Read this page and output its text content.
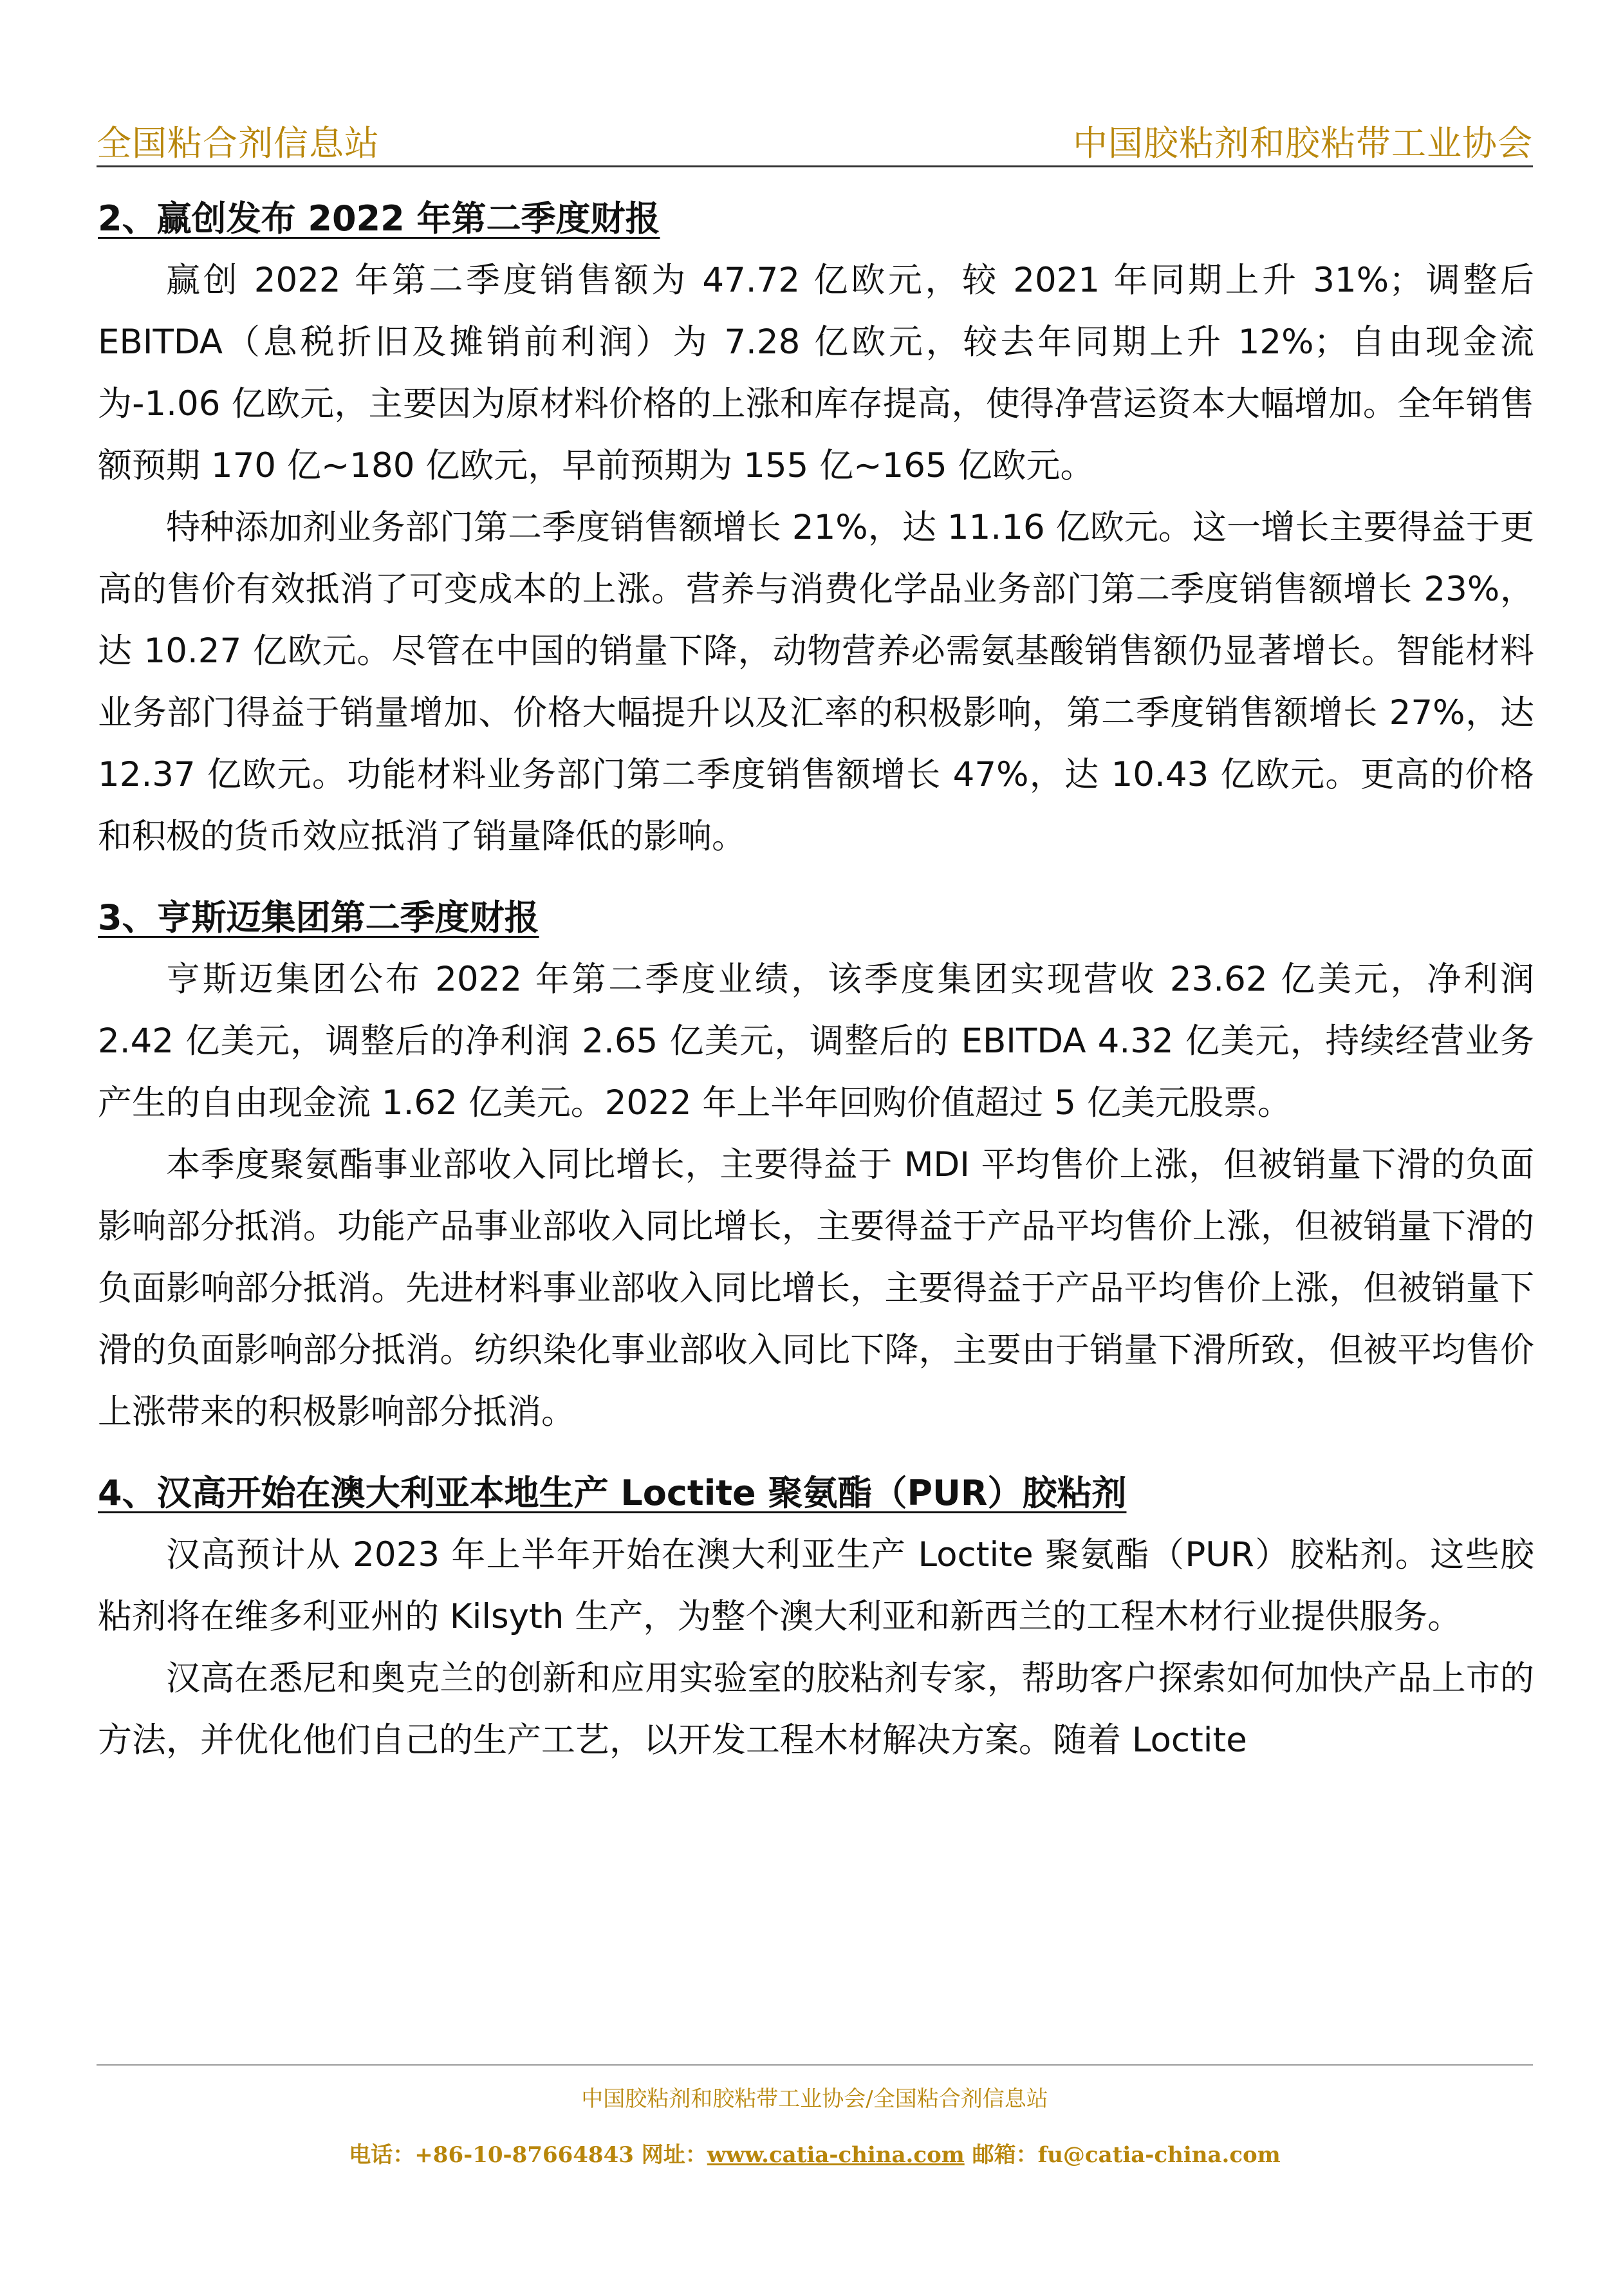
全国粘合剂信息站	中国胶粘剂和胶粘带工业协会
2、赢创发布 2022 年第二季度财报

赢创 2022 年第二季度销售额为 47.72 亿欧元，较 2021 年同期上升 31%；调整后 EBITDA（息税折旧及摊销前利润）为 7.28 亿欧元，较去年同期上升 12%；自由现金流为-1.06 亿欧元，主要因为原材料价格的上涨和库存提高，使得净营运资本大幅增加。全年销售额预期 170 亿~180 亿欧元，早前预期为 155 亿~165 亿欧元。

特种添加剂业务部门第二季度销售额增长 21%，达 11.16 亿欧元。这一增长主要得益于更高的售价有效抵消了可变成本的上涨。营养与消费化学品业务部门第二季度销售额增长 23%，达 10.27 亿欧元。尽管在中国的销量下降，动物营养必需氨基酸销售额仍显著增长。智能材料业务部门得益于销量增加、价格大幅提升以及汇率的积极影响，第二季度销售额增长 27%，达 12.37 亿欧元。功能材料业务部门第二季度销售额增长 47%，达 10.43 亿欧元。更高的价格和积极的货币效应抵消了销量降低的影响。

3、亨斯迈集团第二季度财报

亨斯迈集团公布 2022 年第二季度业绩，该季度集团实现营收 23.62 亿美元，净利润 2.42 亿美元，调整后的净利润 2.65 亿美元，调整后的 EBITDA 4.32 亿美元，持续经营业务产生的自由现金流 1.62 亿美元。2022 年上半年回购价值超过 5 亿美元股票。

本季度聚氨酯事业部收入同比增长，主要得益于 MDI 平均售价上涨，但被销量下滑的负面影响部分抵消。功能产品事业部收入同比增长，主要得益于产品平均售价上涨，但被销量下滑的负面影响部分抵消。先进材料事业部收入同比增长，主要得益于产品平均售价上涨，但被销量下滑的负面影响部分抵消。纺织染化事业部收入同比下降，主要由于销量下滑所致，但被平均售价上涨带来的积极影响部分抵消。

4、汉高开始在澳大利亚本地生产 Loctite 聚氨酯（PUR）胶粘剂

汉高预计从 2023 年上半年开始在澳大利亚生产 Loctite 聚氨酯（PUR）胶粘剂。这些胶粘剂将在维多利亚州的 Kilsyth 生产，为整个澳大利亚和新西兰的工程木材行业提供服务。

汉高在悉尼和奥克兰的创新和应用实验室的胶粘剂专家，帮助客户探索如何加快产品上市的方法，并优化他们自己的生产工艺，以开发工程木材解决方案。随着 Loctite

中国胶粘剂和胶粘带工业协会/全国粘合剂信息站
电话：+86-10-87664843 网址：www.catia-china.com 邮箱：fu@catia-china.com
